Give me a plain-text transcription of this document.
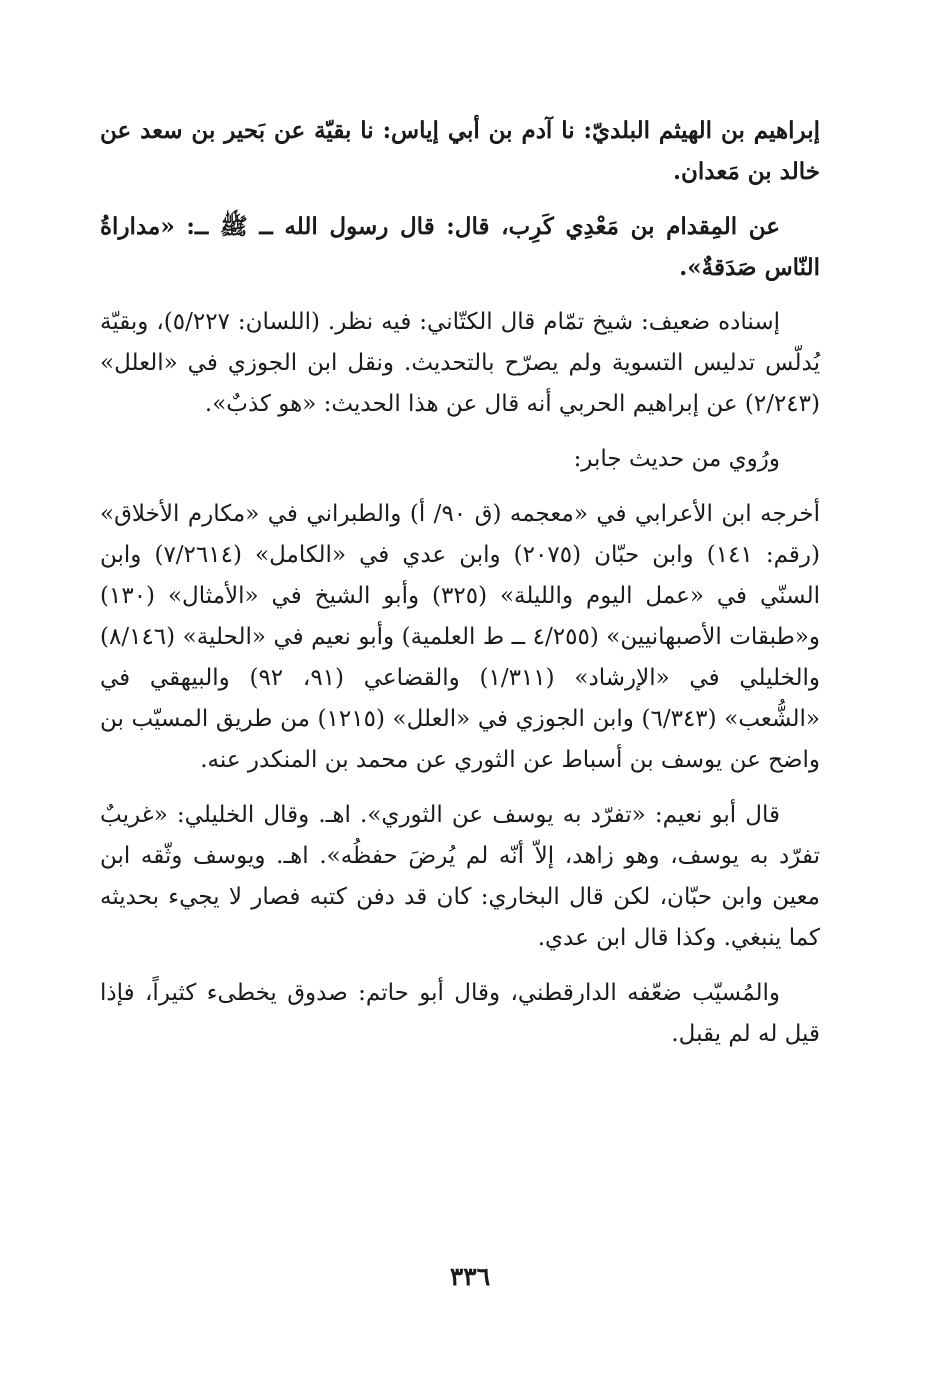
إبراهيم بن الهيثم البلديّ: نا آدم بن أبي إياس: نا بقيّة عن بَحير بن سعد عن خالد بن مَعدان.

عن المِقدام بن مَعْدِي كَرِب، قال: قال رسول الله ــ ﷺ ــ: «مداراةُ النّاس صَدَقةٌ».

إسناده ضعيف: شيخ تمّام قال الكتّاني: فيه نظر. (اللسان: ٥/٢٢٧)، وبقيّة يُدلّس تدليس التسوية ولم يصرّح بالتحديث. ونقل ابن الجوزي في «العلل» (٢/٢٤٣) عن إبراهيم الحربي أنه قال عن هذا الحديث: «هو كذبٌ».

ورُوي من حديث جابر:

أخرجه ابن الأعرابي في «معجمه (ق ٩٠/ أ) والطبراني في «مكارم الأخلاق» (رقم: ١٤١) وابن حبّان (٢٠٧٥) وابن عدي في «الكامل» (٧/٢٦١٤) وابن السنّي في «عمل اليوم والليلة» (٣٢٥) وأبو الشيخ في «الأمثال» (١٣٠) و«طبقات الأصبهانيين» (٤/٢٥٥ ــ ط العلمية) وأبو نعيم في «الحلية» (٨/١٤٦) والخليلي في «الإرشاد» (١/٣١١) والقضاعي (٩١، ٩٢) والبيهقي في «الشُّعب» (٦/٣٤٣) وابن الجوزي في «العلل» (١٢١٥) من طريق المسيّب بن واضح عن يوسف بن أسباط عن الثوري عن محمد بن المنكدر عنه.

قال أبو نعيم: «تفرّد به يوسف عن الثوري». اهـ. وقال الخليلي: «غريبٌ تفرّد به يوسف، وهو زاهد، إلاّ أنّه لم يُرضَ حفظُه». اهـ. ويوسف وثّقه ابن معين وابن حبّان، لكن قال البخاري: كان قد دفن كتبه فصار لا يجيء بحديثه كما ينبغي. وكذا قال ابن عدي.

والمُسيّب ضعّفه الدارقطني، وقال أبو حاتم: صدوق يخطىء كثيراً، فإذا قيل له لم يقبل.

٣٣٦
